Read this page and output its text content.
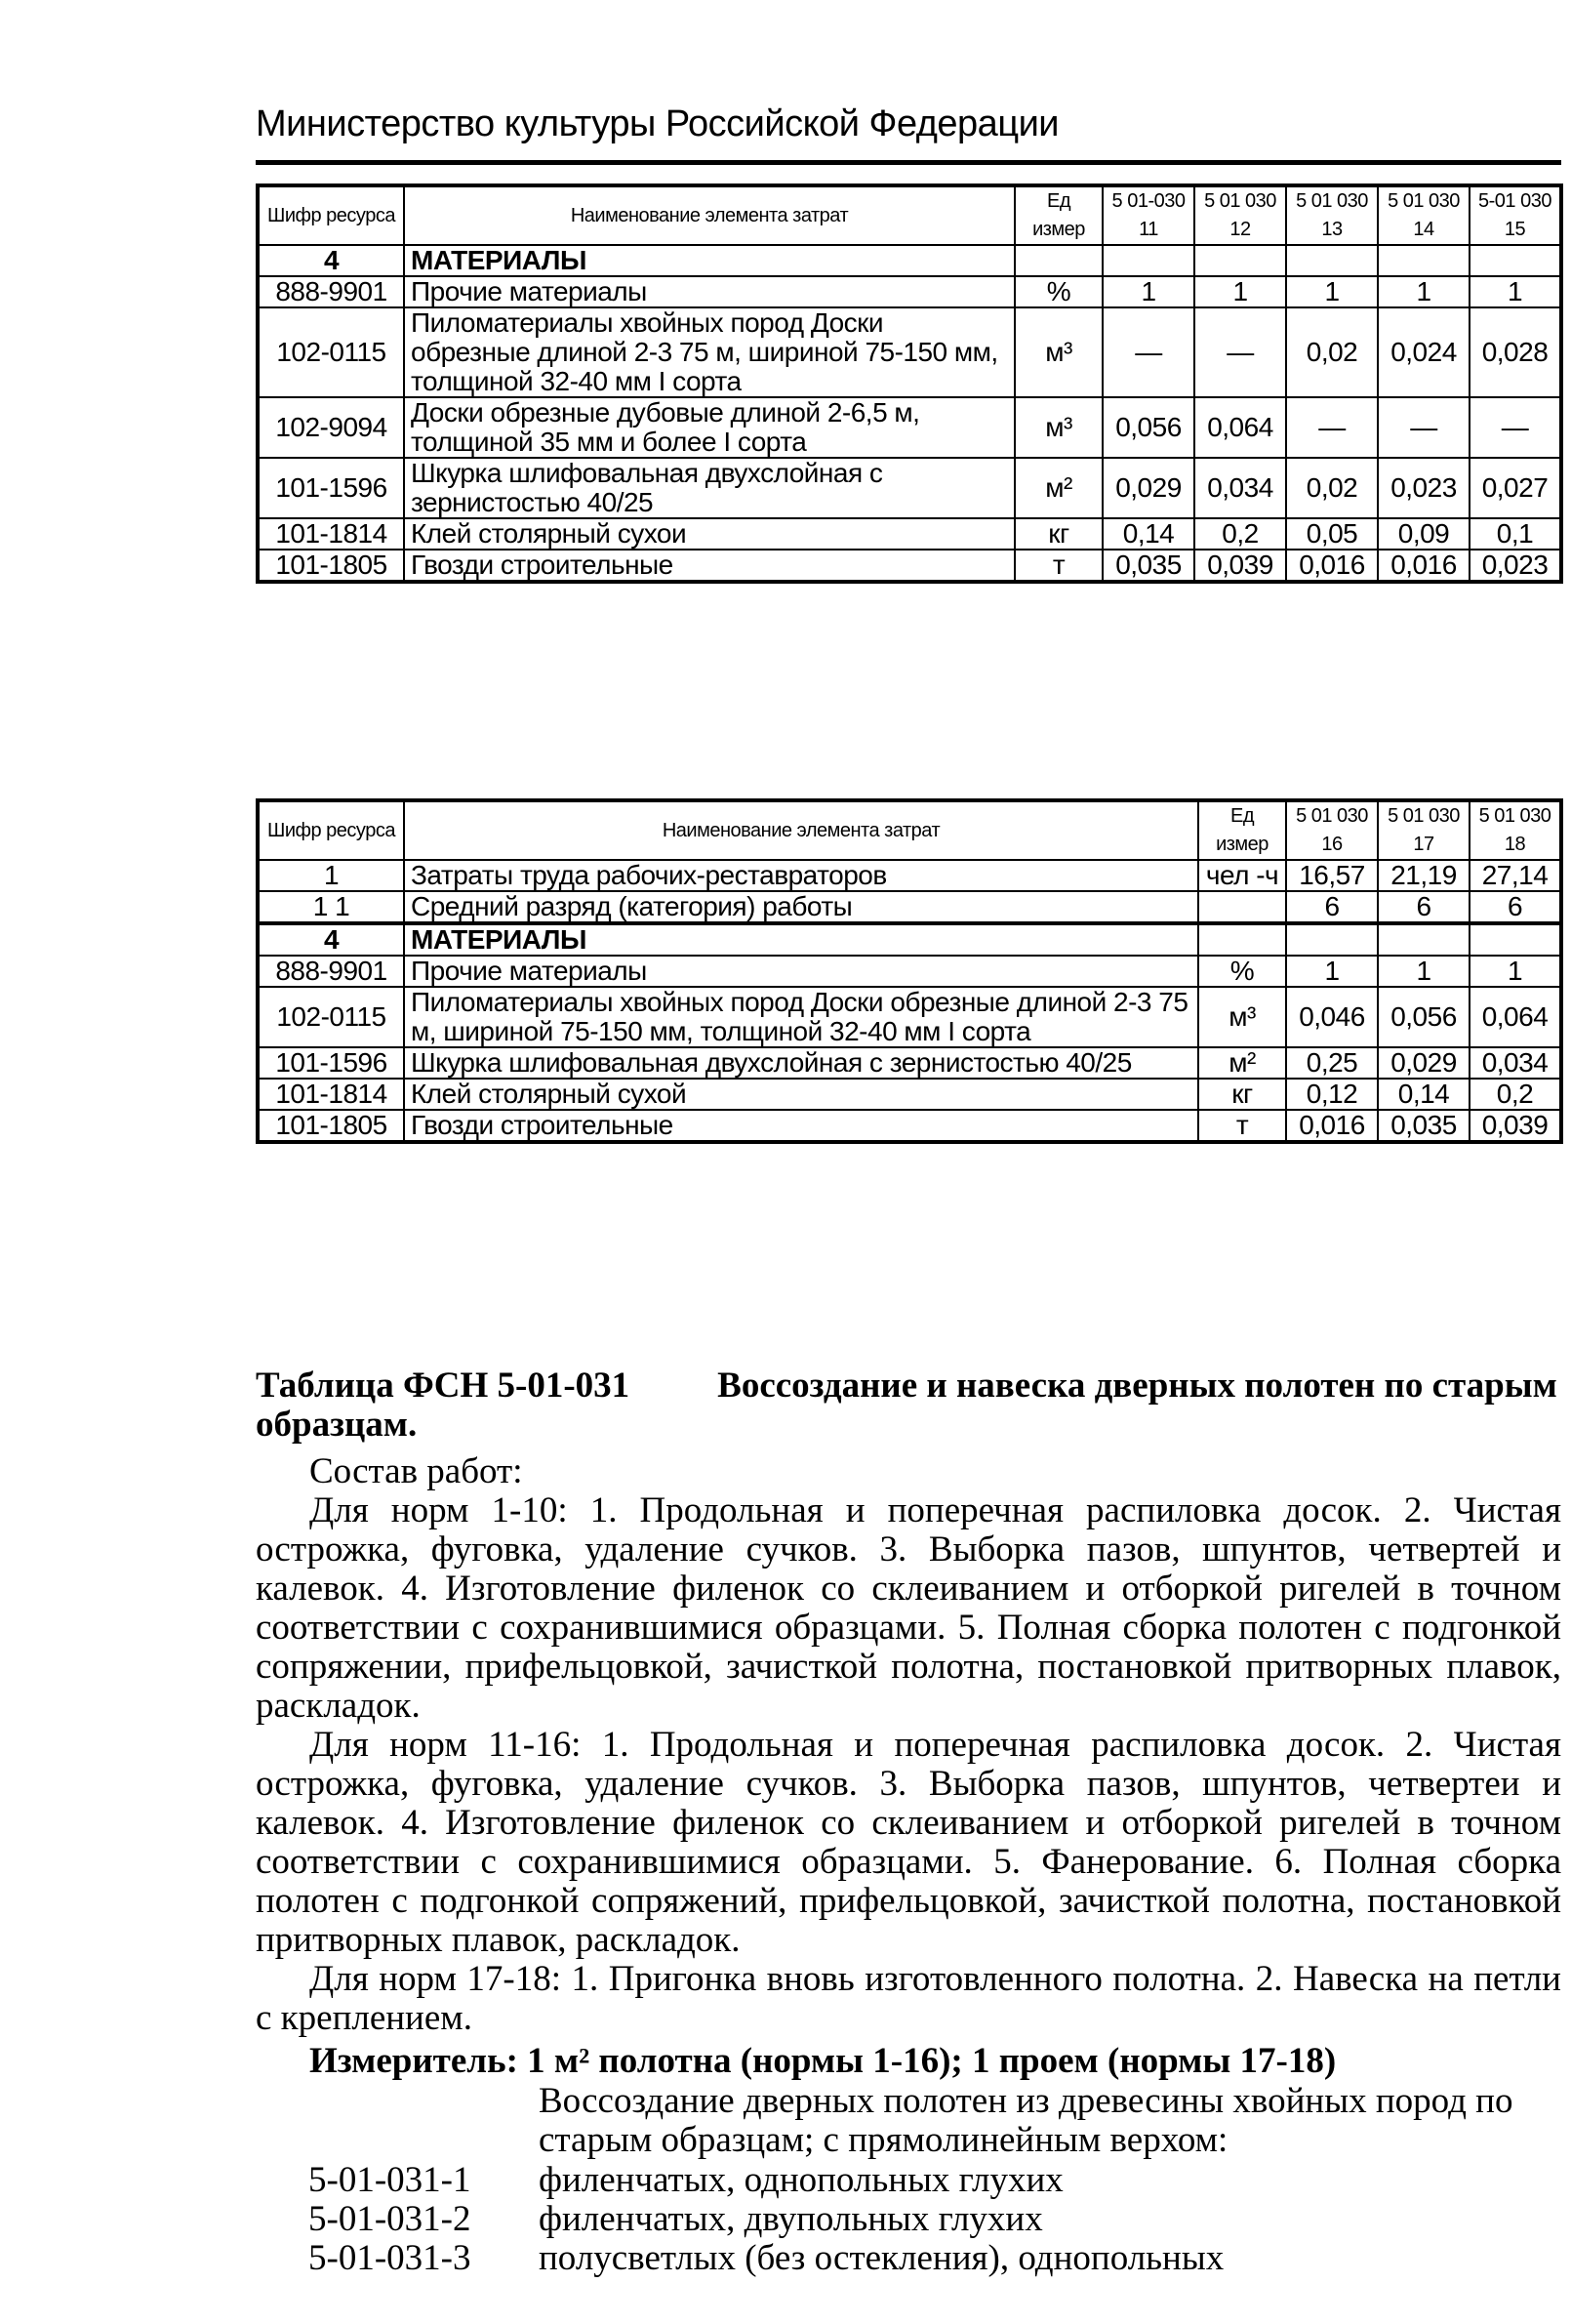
Министерство культуры Российской Федерации
Шифр ресурса	Наименование элемента затрат	Ед измер	5 01-030 11	5 01 030 12	5 01 030 13	5 01 030 14	5-01 030 15
4	МАТЕРИАЛЫ						
888-9901	Прочие материалы	%	1	1	1	1	1
102-0115	Пиломатериалы хвойных пород Доски обрезные длиной 2-3 75 м, шириной 75-150 мм, толщиной 32-40 мм I сорта	м³	—	—	0,02	0,024	0,028
102-9094	Доски обрезные дубовые длиной 2-6,5 м, толщиной 35 мм и более I сорта	м³	0,056	0,064	—	—	—
101-1596	Шкурка шлифовальная двухслойная с зернистостью 40/25	м²	0,029	0,034	0,02	0,023	0,027
101-1814	Клей столярный сухои	кг	0,14	0,2	0,05	0,09	0,1
101-1805	Гвозди строительные	т	0,035	0,039	0,016	0,016	0,023
Шифр ресурса	Наименование элемента затрат	Ед измер	5 01 030 16	5 01 030 17	5 01 030 18
1	Затраты труда рабочих-реставраторов	чел -ч	16,57	21,19	27,14
1 1	Средний разряд (категория) работы		6	6	6
4	МАТЕРИАЛЫ				
888-9901	Прочие материалы	%	1	1	1
102-0115	Пиломатериалы хвойных пород Доски обрезные длиной 2-3 75 м, шириной 75-150 мм, толщиной 32-40 мм I сорта	м³	0,046	0,056	0,064
101-1596	Шкурка шлифовальная двухслойная с зернистостью 40/25	м²	0,25	0,029	0,034
101-1814	Клей столярный сухой	кг	0,12	0,14	0,2
101-1805	Гвозди строительные	т	0,016	0,035	0,039
Таблица ФСН 5-01-031 Воссоздание и навеска дверных полотен по старым образцам.
Состав работ:

Для норм 1-10: 1. Продольная и поперечная распиловка досок. 2. Чистая острожка, фуговка, удаление сучков. 3. Выборка пазов, шпунтов, четвертей и калевок. 4. Изготовление филенок со склеиванием и отборкой ригелей в точном соответствии с сохранившимися образцами. 5. Полная сборка полотен с подгонкой сопряжении, прифельцовкой, зачисткой полотна, постановкой притворных плавок, раскладок.

Для норм 11-16: 1. Продольная и поперечная распиловка досок. 2. Чистая острожка, фуговка, удаление сучков. 3. Выборка пазов, шпунтов, четвертеи и калевок. 4. Изготовление филенок со склеиванием и отборкой ригелей в точном соответствии с сохранившимися образцами. 5. Фанерование. 6. Полная сборка полотен с подгонкой сопряжений, прифельцовкой, зачисткой полотна, постановкой притворных плавок, раскладок.

Для норм 17-18: 1. Пригонка вновь изготовленного полотна. 2. Навеска на петли с креплением.

Измеритель: 1 м² полотна (нормы 1-16); 1 проем (нормы 17-18)
Воссоздание дверных полотен из древесины хвойных пород по старым образцам; с прямолинейным верхом:
5-01-031-1	филенчатых, однопольных глухих
5-01-031-2	филенчатых, двупольных глухих
5-01-031-3	полусветлых (без остекления), однопольных
